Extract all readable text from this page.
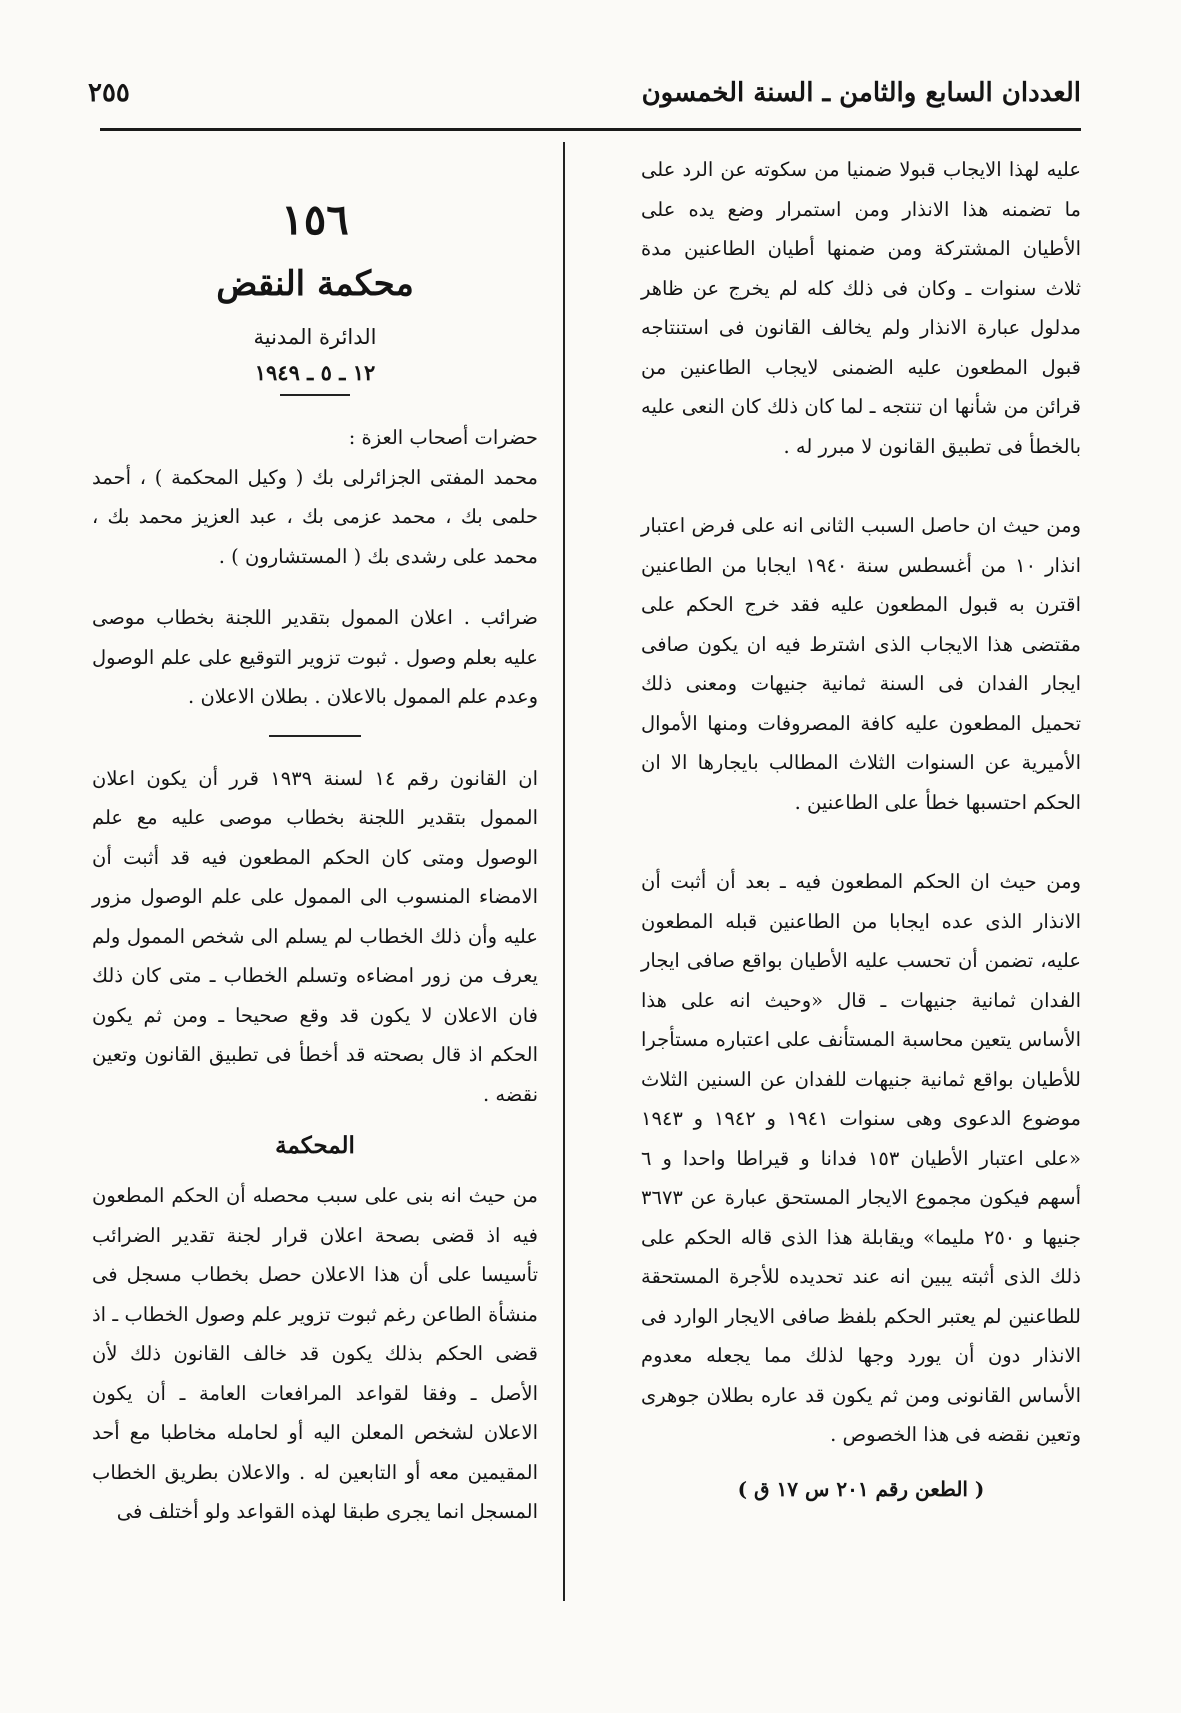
٢٥٥	العددان السابع والثامن ـ السنة الخمسون

عليه لهذا الايجاب قبولا ضمنيا من سكوته عن الرد على ما تضمنه هذا الانذار ومن استمرار وضع يده على الأطيان المشتركة ومن ضمنها أطيان الطاعنين مدة ثلاث سنوات ـ وكان فى ذلك كله لم يخرج عن ظاهر مدلول عبارة الانذار ولم يخالف القانون فى استنتاجه قبول المطعون عليه الضمنى لايجاب الطاعنين من قرائن من شأنها ان تنتجه ـ لما كان ذلك كان النعى عليه بالخطأ فى تطبيق القانون لا مبرر له .

ومن حيث ان حاصل السبب الثانى انه على فرض اعتبار انذار ١٠ من أغسطس سنة ١٩٤٠ ايجابا من الطاعنين اقترن به قبول المطعون عليه فقد خرج الحكم على مقتضى هذا الايجاب الذى اشترط فيه ان يكون صافى ايجار الفدان فى السنة ثمانية جنيهات ومعنى ذلك تحميل المطعون عليه كافة المصروفات ومنها الأموال الأميرية عن السنوات الثلاث المطالب بايجارها الا ان الحكم احتسبها خطأ على الطاعنين .

ومن حيث ان الحكم المطعون فيه ـ بعد أن أثبت أن الانذار الذى عده ايجابا من الطاعنين قبله المطعون عليه، تضمن أن تحسب عليه الأطيان بواقع صافى ايجار الفدان ثمانية جنيهات ـ قال «وحيث انه على هذا الأساس يتعين محاسبة المستأنف على اعتباره مستأجرا للأطيان بواقع ثمانية جنيهات للفدان عن السنين الثلاث موضوع الدعوى وهى سنوات ١٩٤١ و ١٩٤٢ و ١٩٤٣ «على اعتبار الأطيان ١٥٣ فدانا و قيراطا واحدا و ٦ أسهم فيكون مجموع الايجار المستحق عبارة عن ٣٦٧٣ جنيها و ٢٥٠ مليما» ويقابلة هذا الذى قاله الحكم على ذلك الذى أثبته يبين انه عند تحديده للأجرة المستحقة للطاعنين لم يعتبر الحكم بلفظ صافى الايجار الوارد فى الانذار دون أن يورد وجها لذلك مما يجعله معدوم الأساس القانونى ومن ثم يكون قد عاره بطلان جوهرى وتعين نقضه فى هذا الخصوص .

( الطعن رقم ٢٠١ س ١٧ ق )

١٥٦
محكمة النقض
الدائرة المدنية
١٢ ـ ٥ ـ ١٩٤٩

حضرات أصحاب العزة :

محمد المفتى الجزائرلى بك ( وكيل المحكمة ) ، أحمد حلمى بك ، محمد عزمى بك ، عبد العزيز محمد بك ، محمد على رشدى بك ( المستشارون ) .

ضرائب . اعلان الممول بتقدير اللجنة بخطاب موصى عليه بعلم وصول . ثبوت تزوير التوقيع على علم الوصول وعدم علم الممول بالاعلان . بطلان الاعلان .

ان القانون رقم ١٤ لسنة ١٩٣٩ قرر أن يكون اعلان الممول بتقدير اللجنة بخطاب موصى عليه مع علم الوصول ومتى كان الحكم المطعون فيه قد أثبت أن الامضاء المنسوب الى الممول على علم الوصول مزور عليه وأن ذلك الخطاب لم يسلم الى شخص الممول ولم يعرف من زور امضاءه وتسلم الخطاب ـ متى كان ذلك فان الاعلان لا يكون قد وقع صحيحا ـ ومن ثم يكون الحكم اذ قال بصحته قد أخطأ فى تطبيق القانون وتعين نقضه .

المحكمة

من حيث انه بنى على سبب محصله أن الحكم المطعون فيه اذ قضى بصحة اعلان قرار لجنة تقدير الضرائب تأسيسا على أن هذا الاعلان حصل بخطاب مسجل فى منشأة الطاعن رغم ثبوت تزوير علم وصول الخطاب ـ اذ قضى الحكم بذلك يكون قد خالف القانون ذلك لأن الأصل ـ وفقا لقواعد المرافعات العامة ـ أن يكون الاعلان لشخص المعلن اليه أو لحامله مخاطبا مع أحد المقيمين معه أو التابعين له . والاعلان بطريق الخطاب المسجل انما يجرى طبقا لهذه القواعد ولو أختلف فى
